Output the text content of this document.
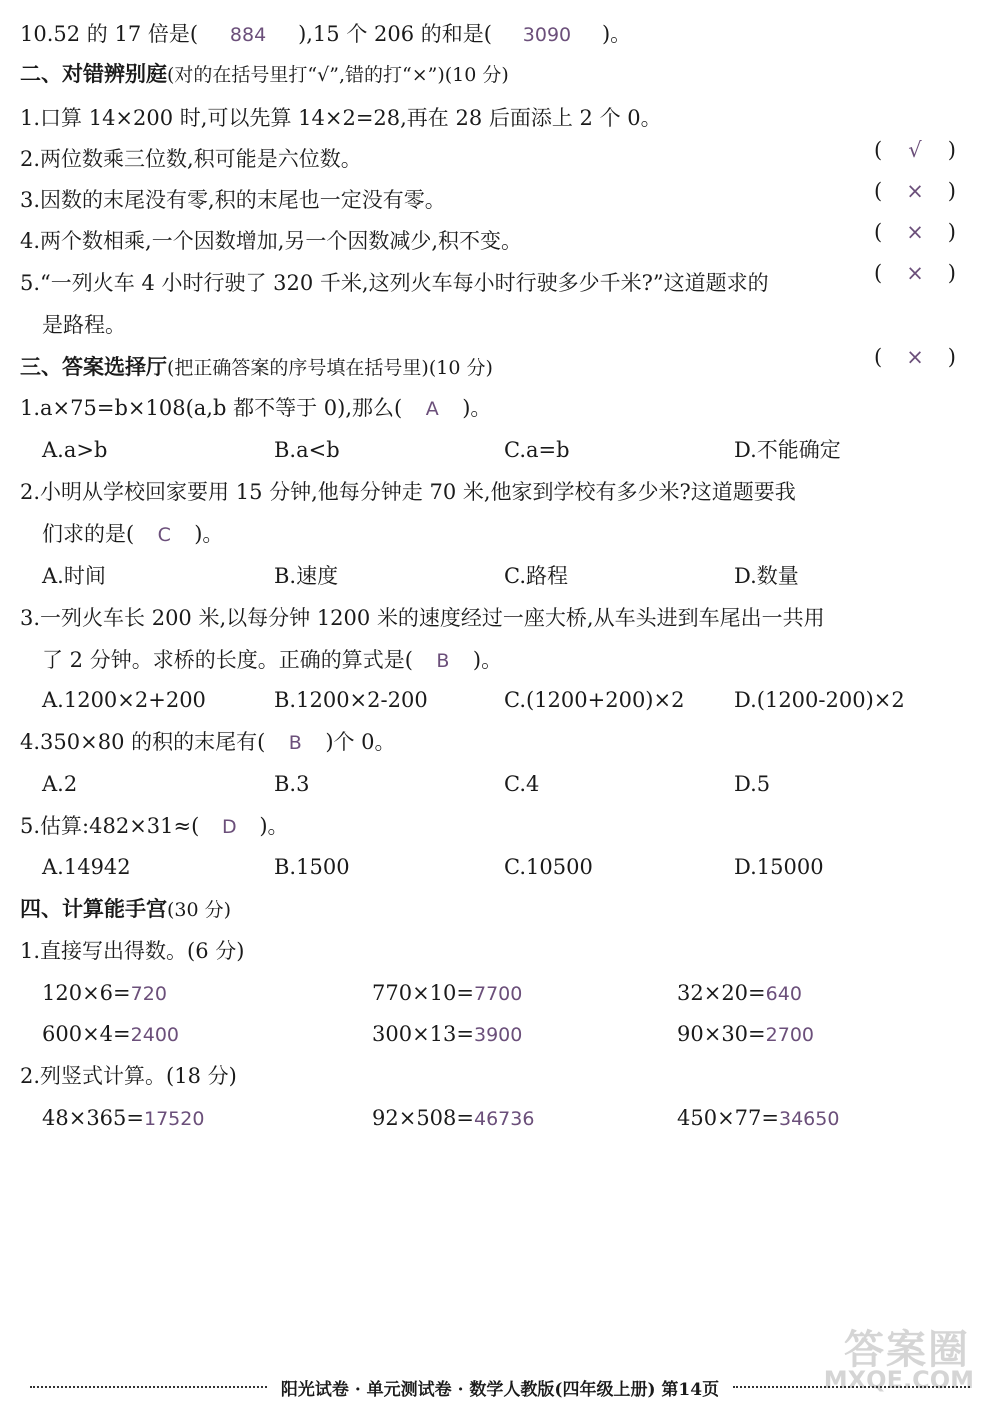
10.52 的 17 倍是( 884 ),15 个 206 的和是( 3090 )。
二、对错辨别庭(对的在括号里打“√”,错的打“×”)(10 分)
1.口算 14×200 时,可以先算 14×2=28,再在 28 后面添上 2 个 0。
( √ )
2.两位数乘三位数,积可能是六位数。
( × )
3.因数的末尾没有零,积的末尾也一定没有零。
( × )
4.两个数相乘,一个因数增加,另一个因数减少,积不变。
( × )
5.“一列火车 4 小时行驶了 320 千米,这列火车每小时行驶多少千米?”这道题求的
是路程。
( × )
三、答案选择厅(把正确答案的序号填在括号里)(10 分)
1.a×75=b×108(a,b 都不等于 0),那么( A )。
A.a>b	B.a<b	C.a=b	D.不能确定
2.小明从学校回家要用 15 分钟,他每分钟走 70 米,他家到学校有多少米?这道题要我
们求的是( C )。
A.时间	B.速度	C.路程	D.数量
3.一列火车长 200 米,以每分钟 1200 米的速度经过一座大桥,从车头进到车尾出一共用
了 2 分钟。求桥的长度。正确的算式是( B )。
A.1200×2+200	B.1200×2-200	C.(1200+200)×2 D.(1200-200)×2
4.350×80 的积的末尾有( B )个 0。
A.2	B.3	C.4	D.5
5.估算:482×31≈( D )。
A.14942	B.1500	C.10500	D.15000
四、计算能手宫(30 分)
1.直接写出得数。(6 分)
120×6=720	770×10=7700	32×20=640
600×4=2400	300×13=3900	90×30=2700
2.列竖式计算。(18 分)
48×365=17520	92×508=46736	450×77=34650
答案圈
MXQE.COM
阳光试卷 · 单元测试卷 · 数学人教版(四年级上册) 第14页
